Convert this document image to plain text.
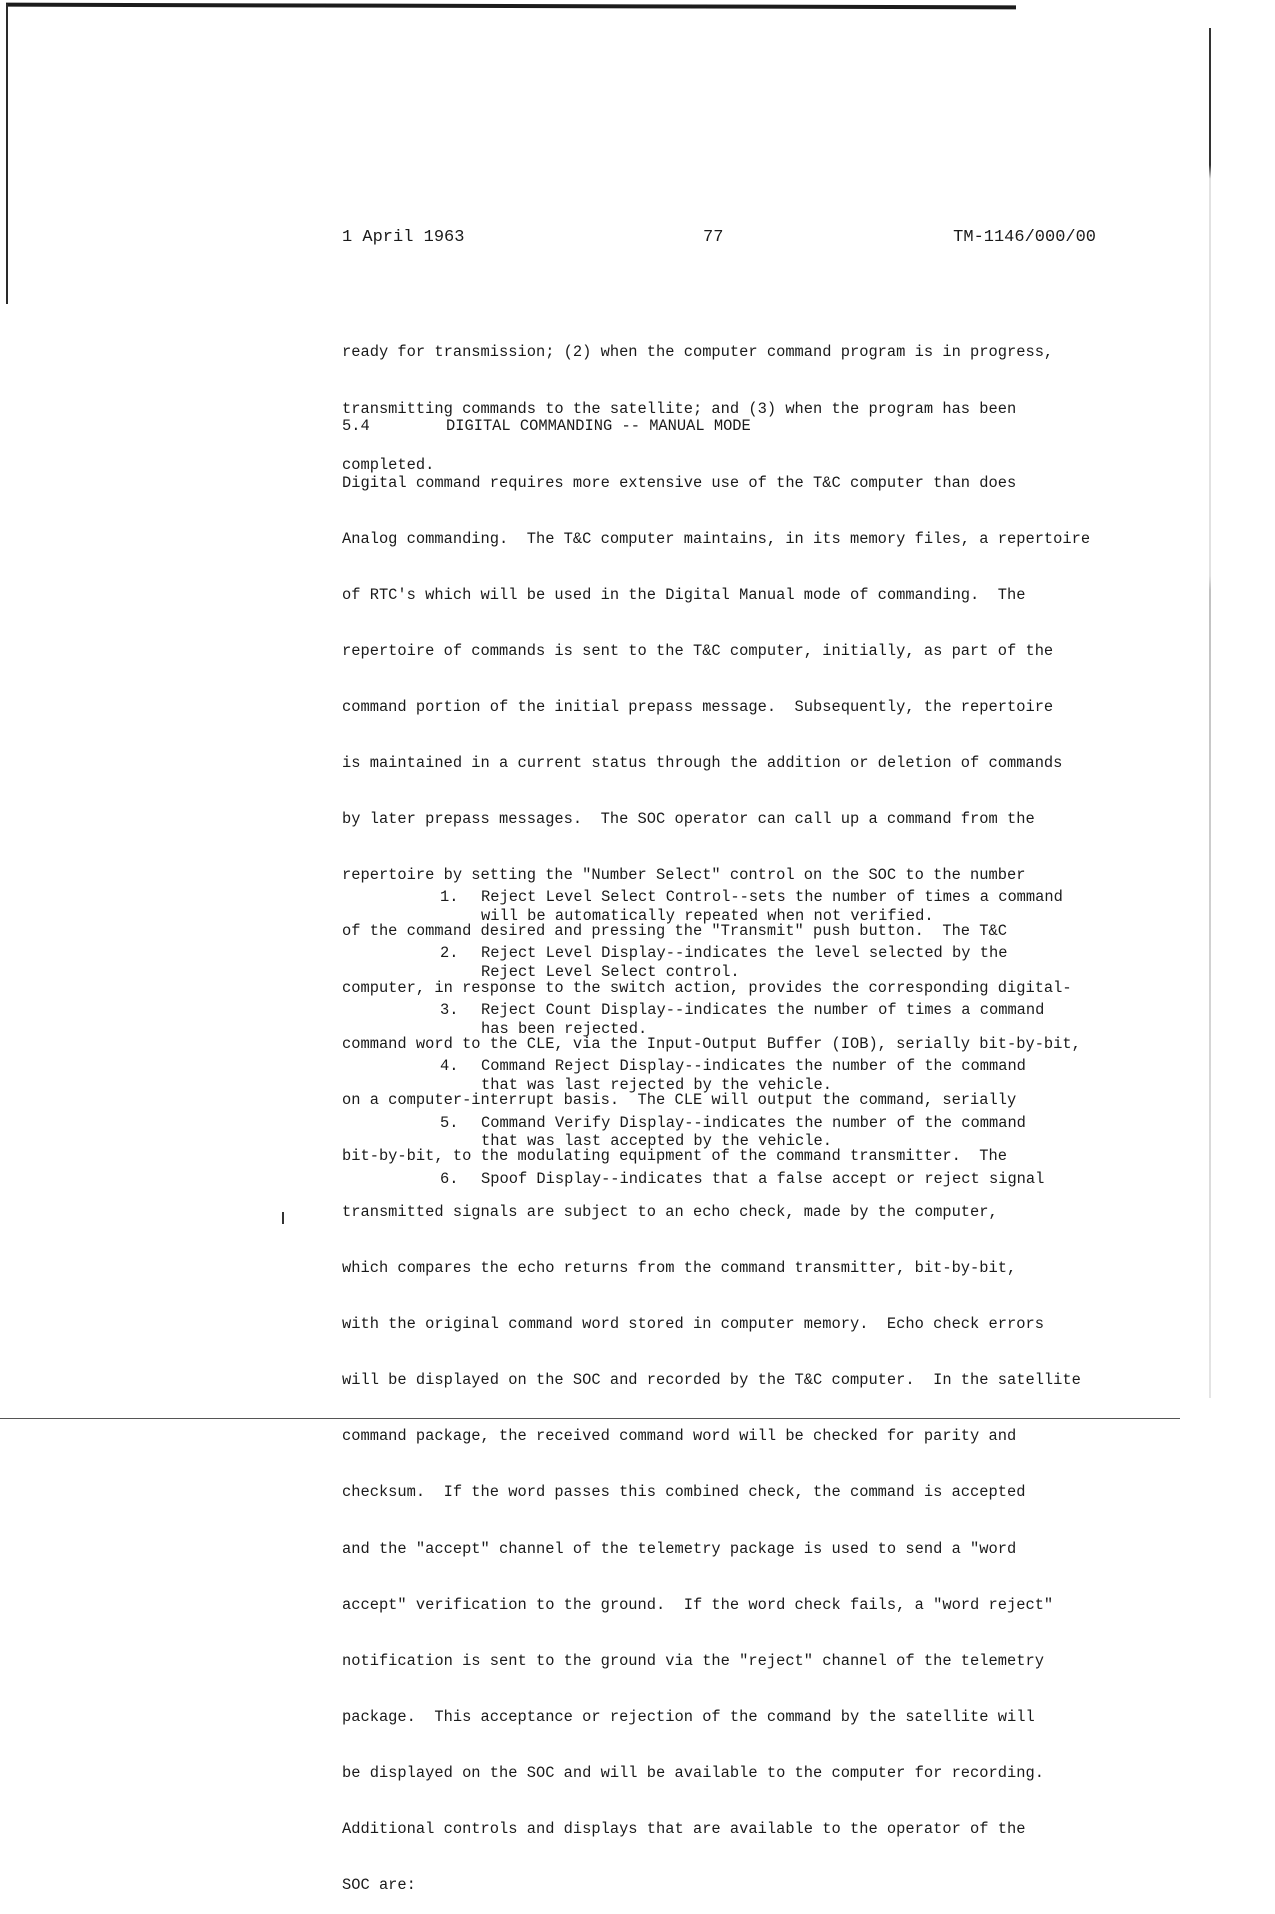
1 April 1963	77	TM-1146/000/00

ready for transmission; (2) when the computer command program is in progress,

transmitting commands to the satellite; and (3) when the program has been

completed.

5.4	DIGITAL COMMANDING -- MANUAL MODE

Digital command requires more extensive use of the T&C computer than does

Analog commanding.  The T&C computer maintains, in its memory files, a repertoire

of RTC's which will be used in the Digital Manual mode of commanding.  The

repertoire of commands is sent to the T&C computer, initially, as part of the

command portion of the initial prepass message.  Subsequently, the repertoire

is maintained in a current status through the addition or deletion of commands

by later prepass messages.  The SOC operator can call up a command from the

repertoire by setting the "Number Select" control on the SOC to the number

of the command desired and pressing the "Transmit" push button.  The T&C

computer, in response to the switch action, provides the corresponding digital-

command word to the CLE, via the Input-Output Buffer (IOB), serially bit-by-bit,

on a computer-interrupt basis.  The CLE will output the command, serially

bit-by-bit, to the modulating equipment of the command transmitter.  The

transmitted signals are subject to an echo check, made by the computer,

which compares the echo returns from the command transmitter, bit-by-bit,

with the original command word stored in computer memory.  Echo check errors

will be displayed on the SOC and recorded by the T&C computer.  In the satellite

command package, the received command word will be checked for parity and

checksum.  If the word passes this combined check, the command is accepted

and the "accept" channel of the telemetry package is used to send a "word

accept" verification to the ground.  If the word check fails, a "word reject"

notification is sent to the ground via the "reject" channel of the telemetry

package.  This acceptance or rejection of the command by the satellite will

be displayed on the SOC and will be available to the computer for recording.

Additional controls and displays that are available to the operator of the

SOC are:

1.	Reject Level Select Control--sets the number of times a command
will be automatically repeated when not verified.
2.	Reject Level Display--indicates the level selected by the
Reject Level Select control.
3.	Reject Count Display--indicates the number of times a command
has been rejected.
4.	Command Reject Display--indicates the number of the command
that was last rejected by the vehicle.
5.	Command Verify Display--indicates the number of the command
that was last accepted by the vehicle.
6.	Spoof Display--indicates that a false accept or reject signal
